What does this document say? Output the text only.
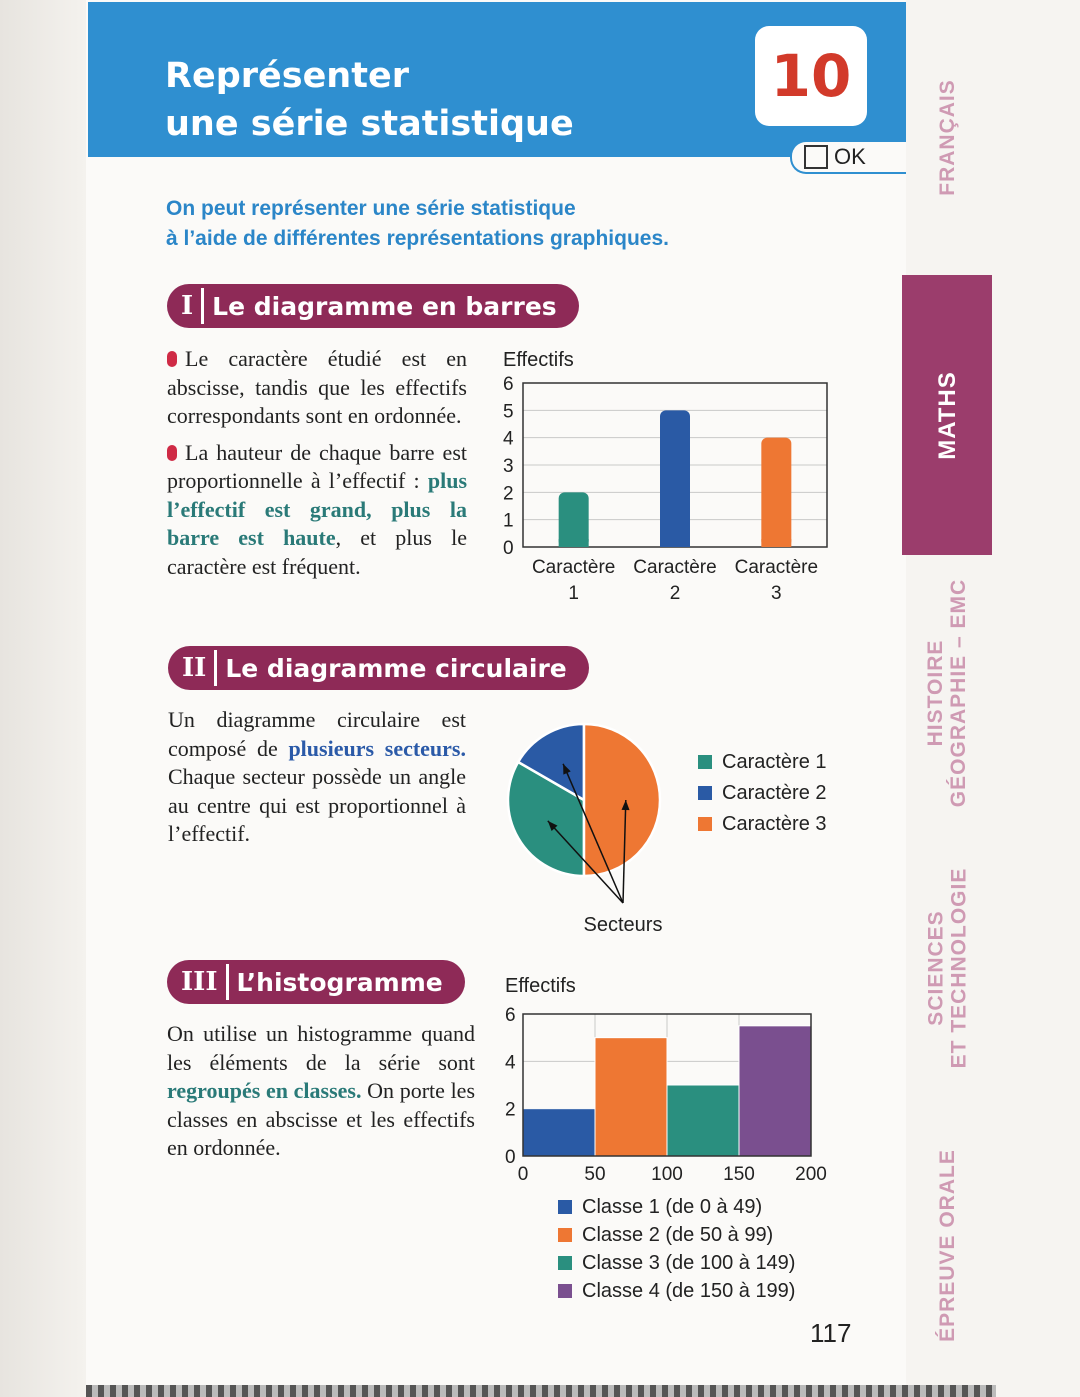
Représenter
une série statistique
10
OK
On peut représenter une série statistique
à l’aide de différentes représentations graphiques.
I Le diagramme en barres

Le caractère étudié est en abscisse, tandis que les effectifs correspondants sont en ordonnée.

La hauteur de chaque barre est proportionnelle à l’effectif : plus l’effectif est grand, plus la barre est haute, et plus le caractère est fréquent.

Effectifs
0
1
2
3
4
5
6
Caractère
1
Caractère
2
Caractère
3
II Le diagramme circulaire

Un diagramme circulaire est composé de plusieurs secteurs. Chaque secteur possède un angle au centre qui est proportionnel à l’effectif.

Secteurs
Caractère 1
Caractère 2
Caractère 3
III L’histogramme

On utilise un histogramme quand les éléments de la série sont regroupés en classes. On porte les classes en abscisse et les effectifs en ordonnée.

Effectifs
0	50 100 150 200
0
2
4
6
Classe 1 (de 0 à 49)
Classe 2 (de 50 à 99)
Classe 3 (de 100 à 149)
Classe 4 (de 150 à 199)
117
FRANÇAIS
MATHS
HISTOIRE GÉOGRAPHIE – EMC
SCIENCES ET TECHNOLOGIE
ÉPREUVE ORALE
